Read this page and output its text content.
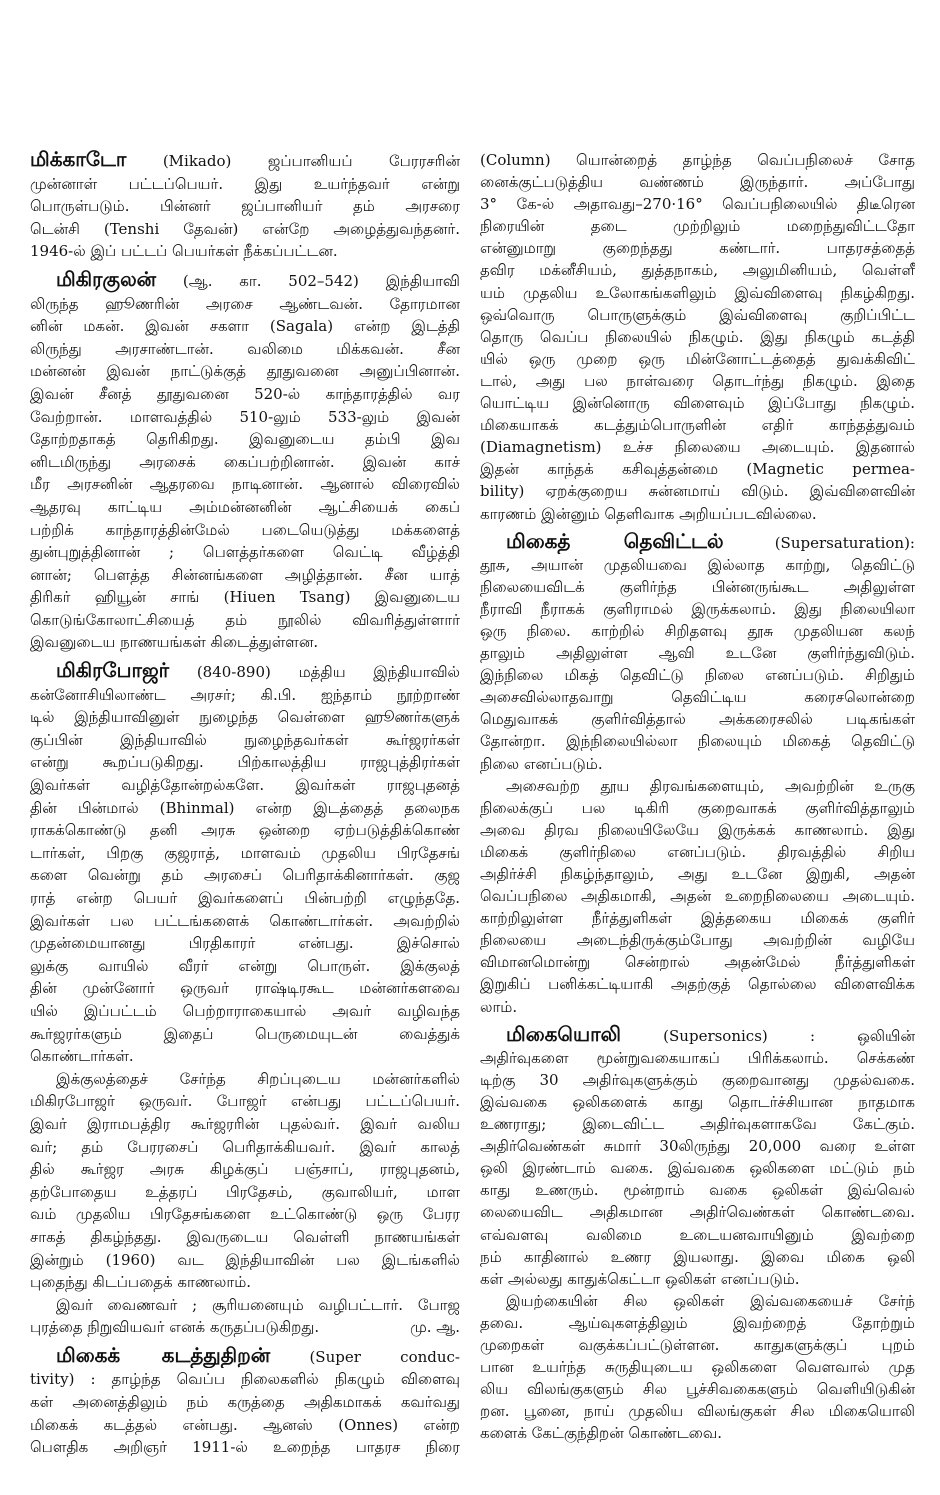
மிக்காடோ (Mikado) ஜப்பானியப் பேரரசரின்
முன்னாள் பட்டப்பெயர். இது உயர்ந்தவர் என்று
பொருள்படும். பின்னர் ஜப்பானியர் தம் அரசரை
டென்சி (Tenshi தேவன்) என்றே அழைத்துவந்தனர்.
1946-ல் இப் பட்டப் பெயர்கள் நீக்கப்பட்டன.
மிகிரகுலன் (ஆ. கா. 502–542) இந்தியாவி
லிருந்த ஹூணரின் அரசை ஆண்டவன். தோரமான
னின் மகன். இவன் சகளா (Sagala) என்ற இடத்தி
லிருந்து அரசாண்டான். வலிமை மிக்கவன். சீன
மன்னன் இவன் நாட்டுக்குத் தூதுவனை அனுப்பினான்.
இவன் சீனத் தூதுவனை 520-ல் காந்தாரத்தில் வர
வேற்றான். மாளவத்தில் 510-லும் 533-லும் இவன்
தோற்றதாகத் தெரிகிறது. இவனுடைய தம்பி இவ
னிடமிருந்து அரசைக் கைப்பற்றினான். இவன் காச்
மீர அரசனின் ஆதரவை நாடினான். ஆனால் விரைவில்
ஆதரவு காட்டிய அம்மன்னனின் ஆட்சியைக் கைப்
பற்றிக் காந்தாரத்தின்மேல் படையெடுத்து மக்களைத்
துன்புறுத்தினான் ; பௌத்தர்களை வெட்டி வீழ்த்தி
னான்; பௌத்த சின்னங்களை அழித்தான். சீன யாத்
திரிகர் ஹியூன் சாங் (Hiuen Tsang) இவனுடைய
கொடுங்கோலாட்சியைத் தம் நூலில் விவரித்துள்ளார்
இவனுடைய நாணயங்கள் கிடைத்துள்ளன.
மிகிரபோஜர் (840-890) மத்திய இந்தியாவில்
கன்னோசியிலாண்ட அரசர்; கி.பி. ஐந்தாம் நூற்றாண்
டில் இந்தியாவினுள் நுழைந்த வெள்ளை ஹூணர்களுக்
குப்பின் இந்தியாவில் நுழைந்தவர்கள் கூர்ஜரர்கள்
என்று கூறப்படுகிறது. பிற்காலத்திய ராஜபுத்திரர்கள்
இவர்கள் வழித்தோன்றல்களே. இவர்கள் ராஜபுதனத்
தின் பின்மால் (Bhinmal) என்ற இடத்தைத் தலைநக
ராகக்கொண்டு தனி அரசு ஒன்றை ஏற்படுத்திக்கொண்
டார்கள், பிறகு குஜராத், மாளவம் முதலிய பிரதேசங்
களை வென்று தம் அரசைப் பெரிதாக்கினார்கள். குஜ
ராத் என்ற பெயர் இவர்களைப் பின்பற்றி எழுந்ததே.
இவர்கள் பல பட்டங்களைக் கொண்டார்கள். அவற்றில்
முதன்மையானது பிரதிகாரர் என்பது. இச்சொல்
லுக்கு வாயில் வீரர் என்று பொருள். இக்குலத்
தின் முன்னோர் ஒருவர் ராஷ்டிரகூட மன்னர்களவை
யில் இப்பட்டம் பெற்றாராகையால் அவர் வழிவந்த
கூர்ஜரர்களும் இதைப் பெருமையுடன் வைத்துக்
கொண்டார்கள்.
இக்குலத்தைச் சேர்ந்த சிறப்புடைய மன்னர்களில்
மிகிரபோஜர் ஒருவர். போஜர் என்பது பட்டப்பெயர்.
இவர் இராமபத்திர கூர்ஜரரின் புதல்வர். இவர் வலிய
வர்; தம் பேரரசைப் பெரிதாக்கியவர். இவர் காலத்
தில் கூர்ஜர அரசு கிழக்குப் பஞ்சாப், ராஜபுதனம்,
தற்போதைய உத்தரப் பிரதேசம், குவாலியர், மாள
வம் முதலிய பிரதேசங்களை உட்கொண்டு ஒரு பேரர
சாகத் திகழ்ந்தது. இவருடைய வெள்ளி நாணயங்கள்
இன்றும் (1960) வட இந்தியாவின் பல இடங்களில்
புதைந்து கிடப்பதைக் காணலாம்.
இவர் வைணவர் ; சூரியனையும் வழிபட்டார். போஜ
மு. ஆ.
புரத்தை நிறுவியவர் எனக் கருதப்படுகிறது.
மிகைக் கடத்துதிறன்	(Super conduc-
tivity) : தாழ்ந்த வெப்ப நிலைகளில் நிகழும் விளைவு
கள் அனைத்திலும் நம் கருத்தை அதிகமாகக் கவர்வது
மிகைக் கடத்தல் என்பது. ஆனஸ் (Onnes) என்ற
பௌதிக அறிஞர் 1911-ல் உறைந்த பாதரச நிரை
(Column) யொன்றைத் தாழ்ந்த வெப்பநிலைச் சோத
னைக்குட்படுத்திய வண்ணம் இருந்தார். அப்போது
3° கே-ல் அதாவது–270·16° வெப்பநிலையில் திடீரென
நிரையின் தடை முற்றிலும் மறைந்துவிட்டதோ
என்னுமாறு குறைந்தது கண்டார். பாதரசத்தைத்
தவிர மக்னீசியம், துத்தநாகம், அலுமினியம், வெள்ளீ
யம் முதலிய உலோகங்களிலும் இவ்விளைவு நிகழ்கிறது.
ஒவ்வொரு பொருளுக்கும் இவ்விளைவு குறிப்பிட்ட
தொரு வெப்ப நிலையில் நிகழும். இது நிகழும் கடத்தி
யில் ஒரு முறை ஒரு மின்னோட்டத்தைத் துவக்கிவிட்
டால், அது பல நாள்வரை தொடர்ந்து நிகழும். இதை
யொட்டிய இன்னொரு விளைவும் இப்போது நிகழும்.
மிகையாகக் கடத்தும்பொருளின் எதிர் காந்தத்துவம்
(Diamagnetism) உச்ச நிலையை அடையும். இதனால்
இதன் காந்தக் கசிவுத்தன்மை (Magnetic permea-
bility) ஏறக்குறைய சுன்னமாய் விடும். இவ்விளைவின்
காரணம் இன்னும் தெளிவாக அறியப்படவில்லை.
மிகைத் தெவிட்டல்	(Supersaturation):
தூசு, அயான் முதலியவை இல்லாத காற்று, தெவிட்டு
நிலையைவிடக் குளிர்ந்த பின்னருங்கூட அதிலுள்ள
நீராவி நீராகக் குளிராமல் இருக்கலாம். இது நிலையிலா
ஒரு நிலை. காற்றில் சிறிதளவு தூசு முதலியன கலந்
தாலும் அதிலுள்ள ஆவி உடனே குளிர்ந்துவிடும்.
இந்நிலை மிகத் தெவிட்டு நிலை எனப்படும். சிறிதும்
அசைவில்லாதவாறு தெவிட்டிய கரைசலொன்றை
மெதுவாகக் குளிர்வித்தால் அக்கரைசலில் படிகங்கள்
தோன்றா. இந்நிலையில்லா நிலையும் மிகைத் தெவிட்டு
நிலை எனப்படும்.
அசைவற்ற தூய திரவங்களையும், அவற்றின் உருகு
நிலைக்குப் பல டிகிரி குறைவாகக் குளிர்வித்தாலும்
அவை திரவ நிலையிலேயே இருக்கக் காணலாம். இது
மிகைக் குளிர்நிலை எனப்படும். திரவத்தில் சிறிய
அதிர்ச்சி நிகழ்ந்தாலும், அது உடனே இறுகி, அதன்
வெப்பநிலை அதிகமாகி, அதன் உறைநிலையை அடையும்.
காற்றிலுள்ள நீர்த்துளிகள் இத்தகைய மிகைக் குளிர்
நிலையை அடைந்திருக்கும்போது அவற்றின் வழியே
விமானமொன்று சென்றால் அதன்மேல் நீர்த்துளிகள்
இறுகிப் பனிக்கட்டியாகி அதற்குத் தொல்லை விளைவிக்க
லாம்.
மிகையொலி	(Supersonics) : ஒலியின்
அதிர்வுகளை மூன்றுவகையாகப் பிரிக்கலாம். செக்கண்
டிற்கு 30 அதிர்வுகளுக்கும் குறைவானது முதல்வகை.
இவ்வகை ஒலிகளைக் காது தொடர்ச்சியான நாதமாக
உணராது; இடைவிட்ட அதிர்வுகளாகவே கேட்கும்.
அதிர்வெண்கள் சுமார் 30லிருந்து 20,000 வரை உள்ள
ஒலி இரண்டாம் வகை. இவ்வகை ஒலிகளை மட்டும் நம்
காது உணரும். மூன்றாம் வகை ஒலிகள் இவ்வெல்
லையைவிட அதிகமான அதிர்வெண்கள் கொண்டவை.
எவ்வளவு வலிமை உடையனவாயினும் இவற்றை
நம் காதினால் உணர இயலாது. இவை மிகை ஒலி
கள் அல்லது காதுக்கெட்டா ஒலிகள் எனப்படும்.
இயற்கையின் சில ஒலிகள் இவ்வகையைச் சேர்ந்
தவை. ஆய்வுகளத்திலும் இவற்றைத் தோற்றும்
முறைகள் வகுக்கப்பட்டுள்ளன. காதுகளுக்குப் புறம்
பான உயர்ந்த சுருதியுடைய ஒலிகளை வௌவால் முத
லிய விலங்குகளும் சில பூச்சிவகைகளும் வெளியிடுகின்
றன. பூனை, நாய் முதலிய விலங்குகள் சில மிகையொலி
களைக் கேட்குந்திறன் கொண்டவை.
